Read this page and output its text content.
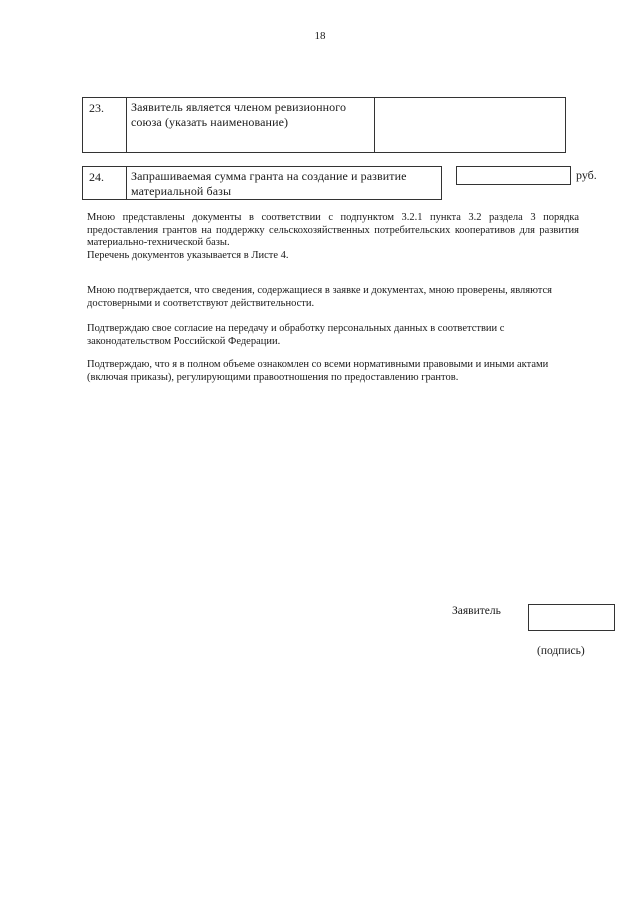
18
23.	Заявитель является членом ревизионного союза (указать наименование)	
24.	Запрашиваемая сумма гранта на создание и развитие материальной базы
руб.
Мною представлены документы в соответствии с подпунктом 3.2.1 пункта 3.2 раздела 3 порядка предоставления грантов на поддержку сельскохозяйственных потребительских кооперативов для развития материально-технической базы.
Перечень документов указывается в Листе 4.
Мною подтверждается, что сведения, содержащиеся в заявке и документах, мною проверены, являются достоверными и соответствуют действительности.
Подтверждаю свое согласие на передачу и обработку персональных данных в соответствии с законодательством Российской Федерации.
Подтверждаю, что я в полном объеме ознакомлен со всеми нормативными правовыми и иными актами (включая приказы), регулирующими правоотношения по предоставлению грантов.
Заявитель
(подпись)
